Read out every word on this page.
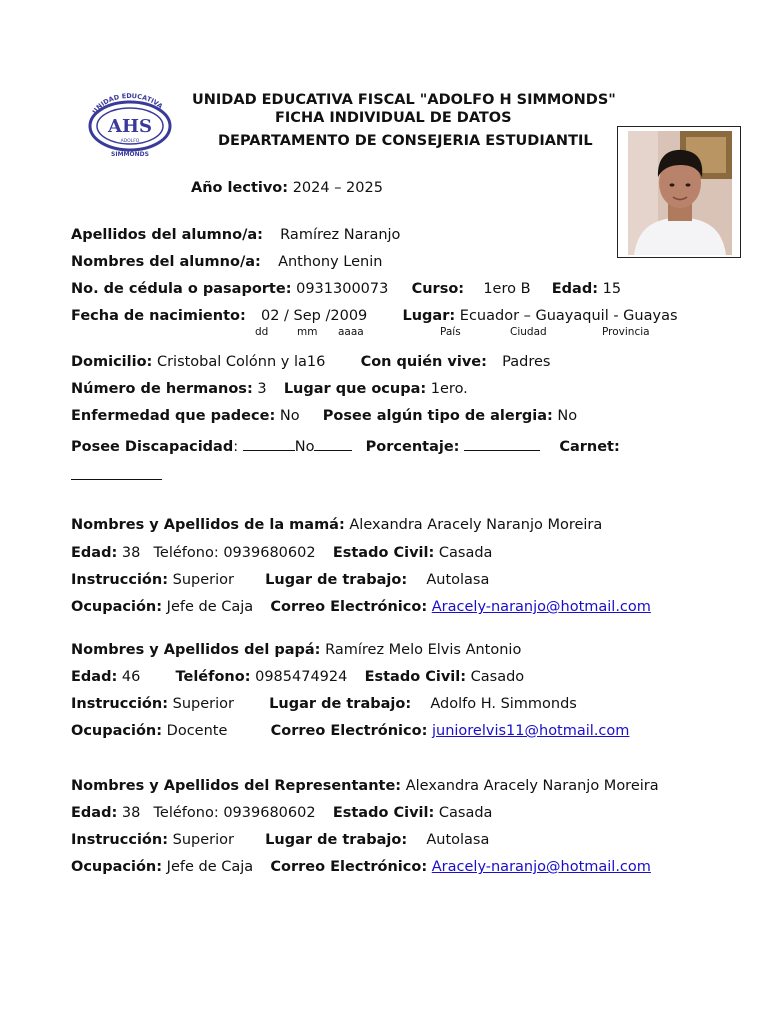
UNIDAD EDUCATIVA
AHS
ADOLFO
SIMMONDS
UNIDAD EDUCATIVA FISCAL "ADOLFO H SIMMONDS"
FICHA INDIVIDUAL DE DATOS
DEPARTAMENTO DE CONSEJERIA ESTUDIANTIL
Año lectivo: 2024 – 2025
Apellidos del alumno/a: Ramírez Naranjo
Nombres del alumno/a: Anthony Lenin
No. de cédula o pasaporte: 0931300073 Curso: 1ero B Edad: 15
Fecha de nacimiento: 02 / Sep /2009 Lugar: Ecuador – Guayaquil - Guayas
dd	mm aaaa	País	Ciudad	Provincia
Domicilio: Cristobal Colónn y la16 Con quién vive: Padres
Número de hermanos: 3 Lugar que ocupa: 1ero.
Enfermedad que padece: No Posee algún tipo de alergia: No
Posee Discapacidad:	No	Porcentaje:	Carnet:
Nombres y Apellidos de la mamá: Alexandra Aracely Naranjo Moreira
Edad: 38 Teléfono: 0939680602 Estado Civil: Casada
Instrucción: Superior Lugar de trabajo: Autolasa
Ocupación: Jefe de Caja Correo Electrónico: Aracely-naranjo@hotmail.com
Nombres y Apellidos del papá: Ramírez Melo Elvis Antonio
Edad: 46 Teléfono: 0985474924 Estado Civil: Casado
Instrucción: Superior Lugar de trabajo: Adolfo H. Simmonds
Ocupación: Docente	Correo Electrónico: juniorelvis11@hotmail.com
Nombres y Apellidos del Representante: Alexandra Aracely Naranjo Moreira
Edad: 38 Teléfono: 0939680602 Estado Civil: Casada
Instrucción: Superior Lugar de trabajo: Autolasa
Ocupación: Jefe de Caja Correo Electrónico: Aracely-naranjo@hotmail.com
